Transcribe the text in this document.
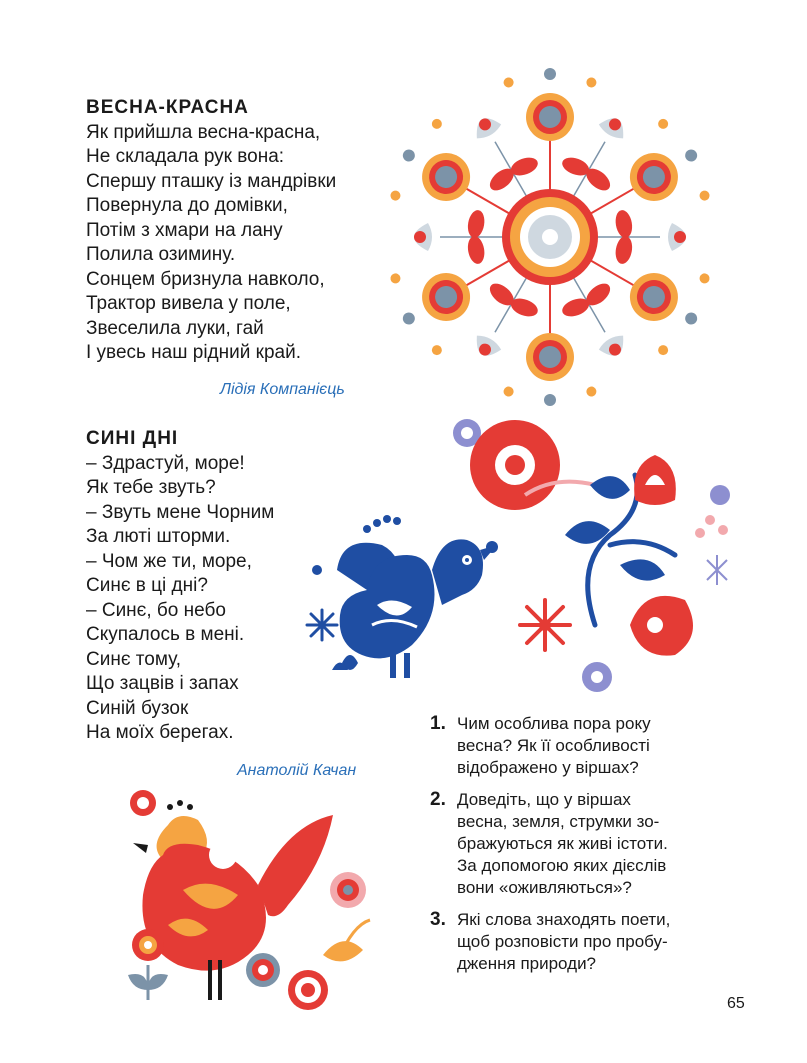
ВЕСНА-КРАСНА
Як прийшла весна-красна,
Не складала рук вона:
Спершу пташку із мандрівки
Повернула до домівки,
Потім з хмари на лану
Полила озимину.
Сонцем бризнула навколо,
Трактор вивела у поле,
Звеселила луки, гай
І увесь наш рідний край.
Лідія Компанієць
СИНІ ДНІ
– Здрастуй, море!
Як тебе звуть?
– Звуть мене Чорним
За люті шторми.
– Чом же ти, море,
Синє в ці дні?
– Синє, бо небо
Скупалось в мені.
Синє тому,
Що зацвів і запах
Синій бузок
На моїх берегах.
Анатолій Качан
1. Чим особлива пора року
весна? Як її особливості
відображено у віршах?
2. Доведіть, що у віршах
весна, земля, струмки зо-
бражуються як живі істоти.
За допомогою яких дієслів
вони «оживляються»?
3. Які слова знаходять поети,
щоб розповісти про пробу-
дження природи?
65
